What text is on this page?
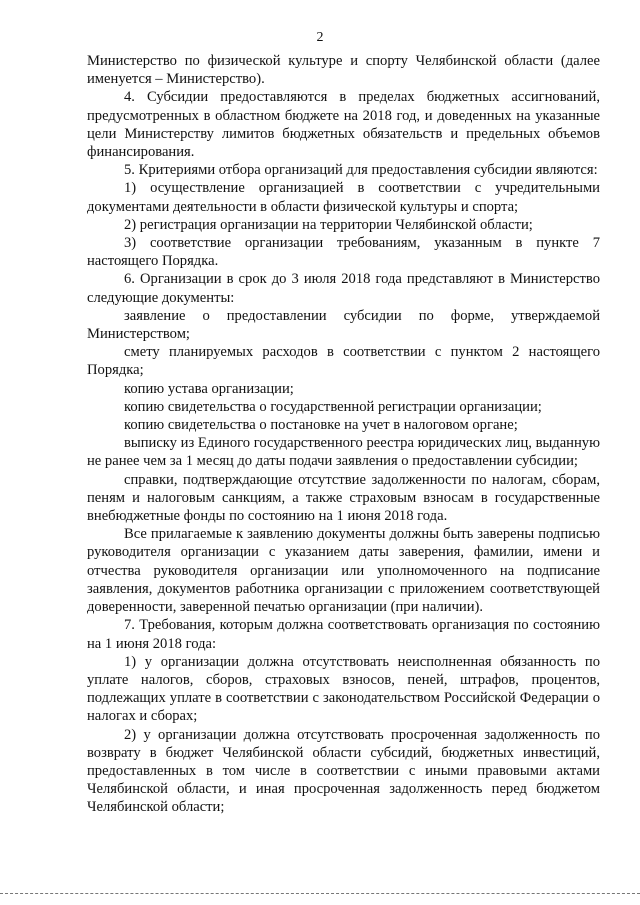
2

Министерство по физической культуре и спорту Челябинской области (далее именуется – Министерство).

4. Субсидии предоставляются в пределах бюджетных ассигнований, предусмотренных в областном бюджете на 2018 год, и доведенных на указанные цели Министерству лимитов бюджетных обязательств и предельных объемов финансирования.

5. Критериями отбора организаций для предоставления субсидии являются:

1) осуществление организацией в соответствии с учредительными документами деятельности в области физической культуры и спорта;

2) регистрация организации на территории Челябинской области;

3) соответствие организации требованиям, указанным в пункте 7 настоящего Порядка.

6. Организации в срок до 3 июля 2018 года представляют в Министерство следующие документы:

заявление о предоставлении субсидии по форме, утверждаемой Министерством;

смету планируемых расходов в соответствии с пунктом 2 настоящего Порядка;

копию устава организации;

копию свидетельства о государственной регистрации организации;

копию свидетельства о постановке на учет в налоговом органе;

выписку из Единого государственного реестра юридических лиц, выданную не ранее чем за 1 месяц до даты подачи заявления о предоставлении субсидии;

справки, подтверждающие отсутствие задолженности по налогам, сборам, пеням и налоговым санкциям, а также страховым взносам в государственные внебюджетные фонды по состоянию на 1 июня 2018 года.

Все прилагаемые к заявлению документы должны быть заверены подписью руководителя организации с указанием даты заверения, фамилии, имени и отчества руководителя организации или уполномоченного на подписание заявления, документов работника организации с приложением соответствующей доверенности, заверенной печатью организации (при наличии).

7. Требования, которым должна соответствовать организация по состоянию на 1 июня 2018 года:

1) у организации должна отсутствовать неисполненная обязанность по уплате налогов, сборов, страховых взносов, пеней, штрафов, процентов, подлежащих уплате в соответствии с законодательством Российской Федерации о налогах и сборах;

2) у организации должна отсутствовать просроченная задолженность по возврату в бюджет Челябинской области субсидий, бюджетных инвестиций, предоставленных в том числе в соответствии с иными правовыми актами Челябинской области, и иная просроченная задолженность перед бюджетом Челябинской области;
